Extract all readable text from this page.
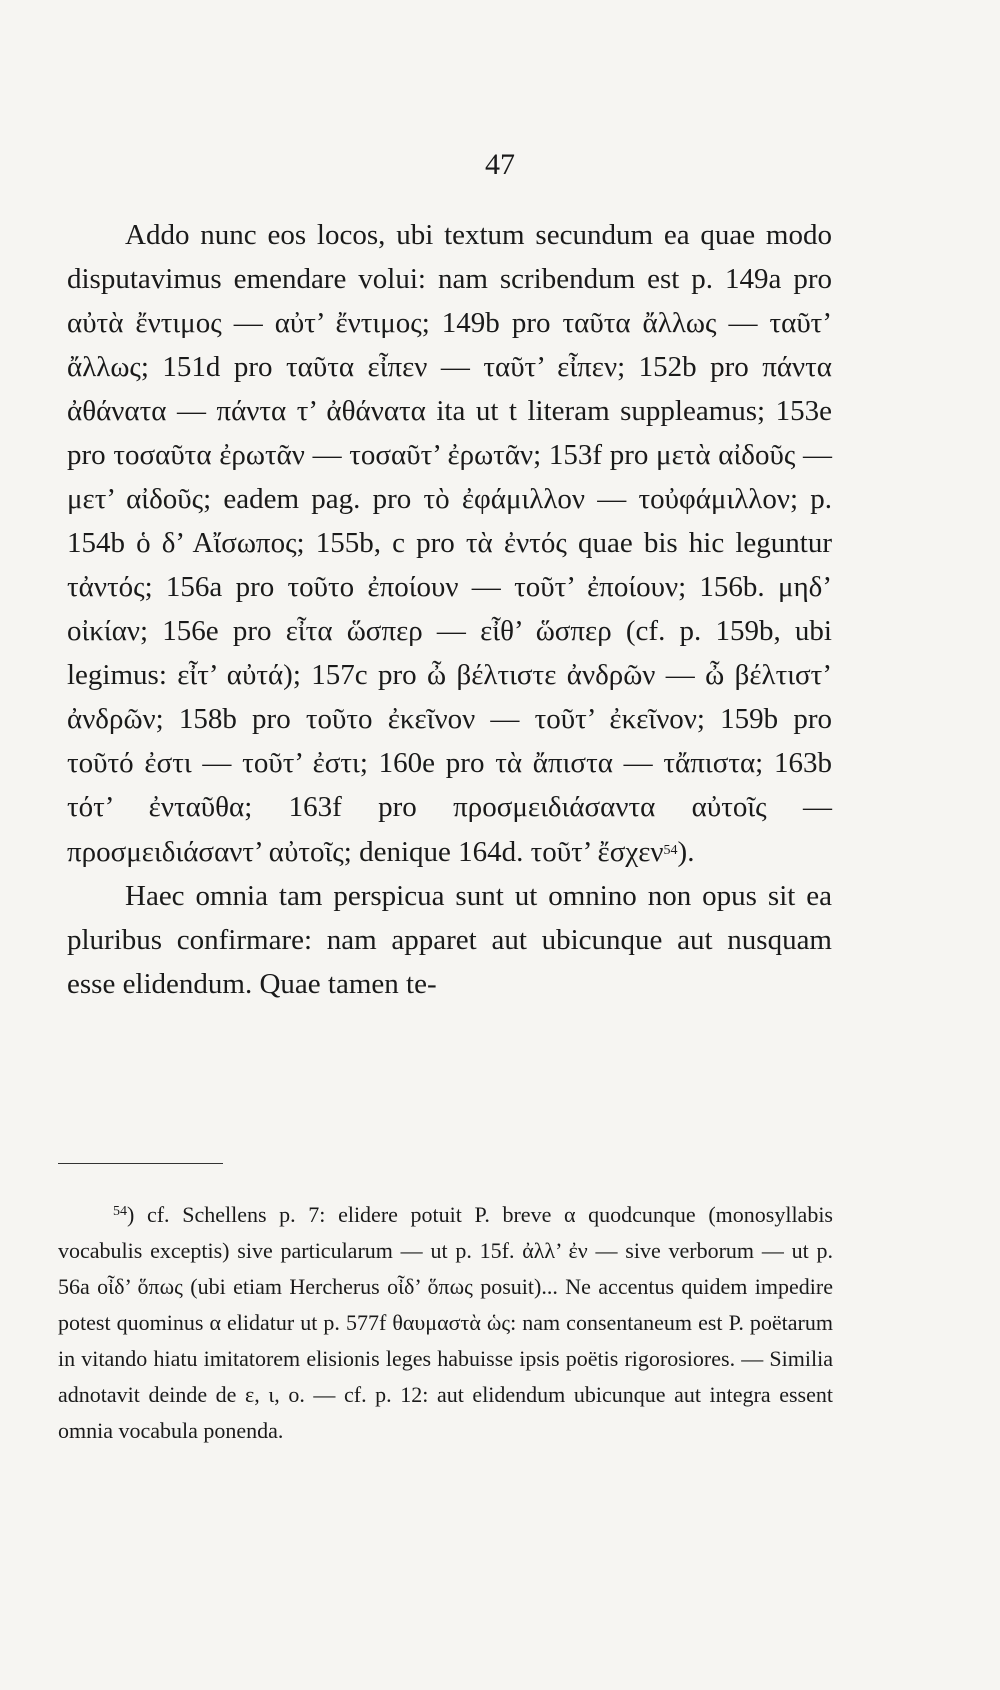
47

Addo nunc eos locos, ubi textum secundum ea quae modo disputavimus emendare volui: nam scribendum est p. 149a pro αὐτὰ ἔντιμος — αὐτ’ ἔντιμος; 149b pro ταῦτα ἄλλως — ταῦτ’ ἄλλως; 151d pro ταῦτα εἶπεν — ταῦτ’ εἶπεν; 152b pro πάντα ἀθάνατα — πάντα τ’ ἀθάνατα ita ut t literam suppleamus; 153e pro τοσαῦτα ἐρωτᾶν — τοσαῦτ’ ἐρωτᾶν; 153f pro μετὰ αἰδοῦς — μετ’ αἰδοῦς; eadem pag. pro τὸ ἐφάμιλλον — τοὐφάμιλλον; p. 154b ὁ δ’ Αἴσωπος; 155b, c pro τὰ ἐντός quae bis hic leguntur τἀντός; 156a pro τοῦτο ἐποίουν — τοῦτ’ ἐποίουν; 156b. μηδ’ οἰκίαν; 156e pro εἶτα ὥσπερ — εἶθ’ ὥσπερ (cf. p. 159b, ubi legimus: εἶτ’ αὐτά); 157c pro ὦ βέλτιστε ἀνδρῶν — ὦ βέλτιστ’ ἀνδρῶν; 158b pro τοῦτο ἐκεῖνον — τοῦτ’ ἐκεῖνον; 159b pro τοῦτό ἐστι — τοῦτ’ ἐστι; 160e pro τὰ ἄπιστα — τἄπιστα; 163b τότ’ ἐνταῦθα; 163f pro προσμειδιάσαντα αὐτοῖς — προσμειδιάσαντ’ αὐτοῖς; denique 164d. τοῦτ’ ἔσχεν$^{54}$).

Haec omnia tam perspicua sunt ut omnino non opus sit ea pluribus confirmare: nam apparet aut ubicunque aut nusquam esse elidendum. Quae tamen te-

$^{54}$) cf. Schellens p. 7: elidere potuit P. breve α quodcunque (monosyllabis vocabulis exceptis) sive particularum — ut p. 15f. ἀλλ’ ἐν — sive verborum — ut p. 56a οἶδ’ ὅπως (ubi etiam Hercherus οἶδ’ ὅπως posuit)... Ne accentus quidem impedire potest quominus α elidatur ut p. 577f θαυμαστὰ ὡς: nam consentaneum est P. poëtarum in vitando hiatu imitatorem elisionis leges habuisse ipsis poëtis rigorosiores. — Similia adnotavit deinde de ε, ι, ο. — cf. p. 12: aut elidendum ubicunque aut integra essent omnia vocabula ponenda.
